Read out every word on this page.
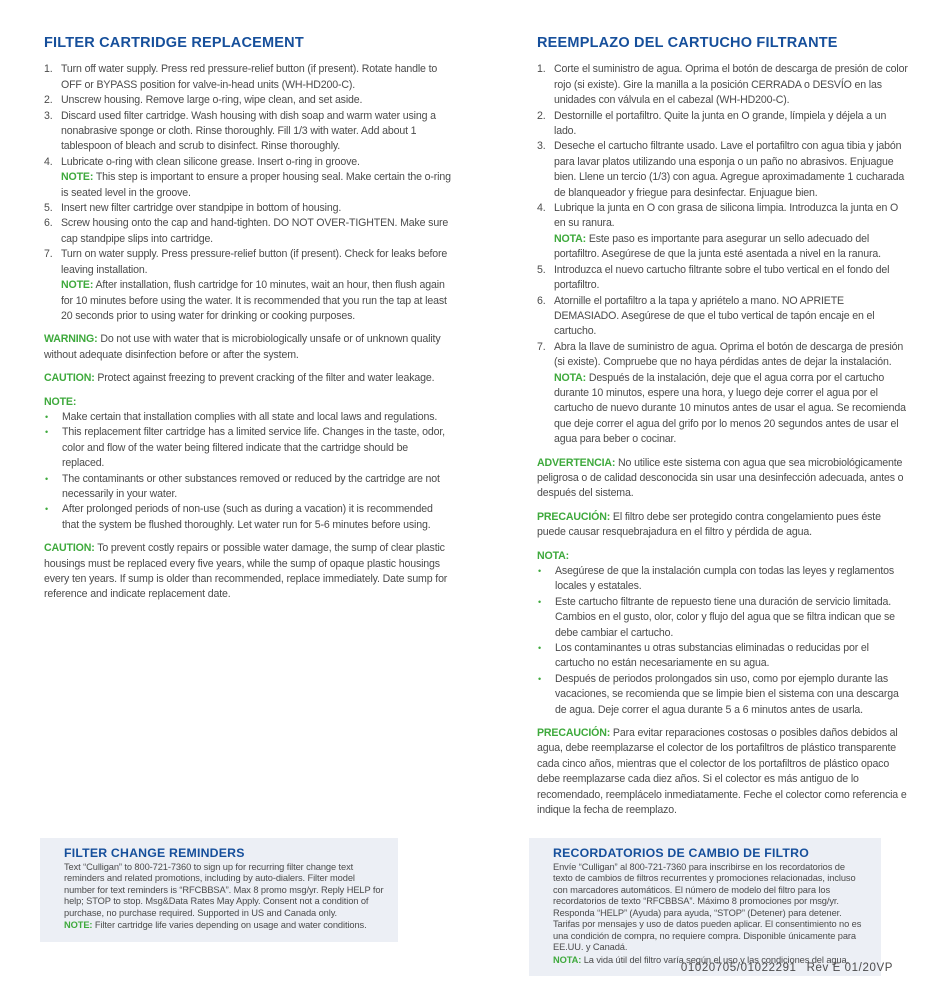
FILTER CARTRIDGE REPLACEMENT
1. Turn off water supply. Press red pressure-relief button (if present). Rotate handle to OFF or BYPASS position for valve-in-head units (WH-HD200-C).
2. Unscrew housing. Remove large o-ring, wipe clean, and set aside.
3. Discard used filter cartridge. Wash housing with dish soap and warm water using a nonabrasive sponge or cloth. Rinse thoroughly. Fill 1/3 with water. Add about 1 tablespoon of bleach and scrub to disinfect. Rinse thoroughly.
4. Lubricate o-ring with clean silicone grease. Insert o-ring in groove.
NOTE: This step is important to ensure a proper housing seal. Make certain the o-ring is seated level in the groove.
5. Insert new filter cartridge over standpipe in bottom of housing.
6. Screw housing onto the cap and hand-tighten. DO NOT OVER-TIGHTEN. Make sure cap standpipe slips into cartridge.
7. Turn on water supply. Press pressure-relief button (if present). Check for leaks before leaving installation.
NOTE: After installation, flush cartridge for 10 minutes, wait an hour, then flush again for 10 minutes before using the water. It is recommended that you run the tap at least 20 seconds prior to using water for drinking or cooking purposes.

WARNING: Do not use with water that is microbiologically unsafe or of unknown quality without adequate disinfection before or after the system.

CAUTION: Protect against freezing to prevent cracking of the filter and water leakage.

NOTE:
•	Make certain that installation complies with all state and local laws and regulations.
•	This replacement filter cartridge has a limited service life. Changes in the taste, odor, color and flow of the water being filtered indicate that the cartridge should be replaced.
•	The contaminants or other substances removed or reduced by the cartridge are not necessarily in your water.
•	After prolonged periods of non-use (such as during a vacation) it is recommended that the system be flushed thoroughly. Let water run for 5-6 minutes before using.

CAUTION: To prevent costly repairs or possible water damage, the sump of clear plastic housings must be replaced every five years, while the sump of opaque plastic housings every ten years. If sump is older than recommended, replace immediately. Date sump for reference and indicate replacement date.

REEMPLAZO DEL CARTUCHO FILTRANTE
1. Corte el suministro de agua. Oprima el botón de descarga de presión de color rojo (si existe). Gire la manilla a la posición CERRADA o DESVÍO en las unidades con válvula en el cabezal (WH-HD200-C).
2. Destornille el portafiltro. Quite la junta en O grande, límpiela y déjela a un lado.
3. Deseche el cartucho filtrante usado. Lave el portafiltro con agua tibia y jabón para lavar platos utilizando una esponja o un paño no abrasivos. Enjuague bien. Llene un tercio (1/3) con agua. Agregue aproximadamente 1 cucharada de blanqueador y friegue para desinfectar. Enjuague bien.
4. Lubrique la junta en O con grasa de silicona limpia. Introduzca la junta en O en su ranura.
NOTA: Este paso es importante para asegurar un sello adecuado del portafiltro. Asegúrese de que la junta esté asentada a nivel en la ranura.
5. Introduzca el nuevo cartucho filtrante sobre el tubo vertical en el fondo del portafiltro.
6. Atornille el portafiltro a la tapa y apriételo a mano. NO APRIETE DEMASIADO. Asegúrese de que el tubo vertical de tapón encaje en el cartucho.
7. Abra la llave de suministro de agua. Oprima el botón de descarga de presión (si existe). Compruebe que no haya pérdidas antes de dejar la instalación.
NOTA: Después de la instalación, deje que el agua corra por el cartucho durante 10 minutos, espere una hora, y luego deje correr el agua por el cartucho de nuevo durante 10 minutos antes de usar el agua. Se recomienda que deje correr el agua del grifo por lo menos 20 segundos antes de usar el agua para beber o cocinar.

ADVERTENCIA: No utilice este sistema con agua que sea microbiológicamente peligrosa o de calidad desconocida sin usar una desinfección adecuada, antes o después del sistema.

PRECAUCIÓN: El filtro debe ser protegido contra congelamiento pues éste puede causar resquebrajadura en el filtro y pérdida de agua.

NOTA:
•	Asegúrese de que la instalación cumpla con todas las leyes y reglamentos locales y estatales.
•	Este cartucho filtrante de repuesto tiene una duración de servicio limitada. Cambios en el gusto, olor, color y flujo del agua que se filtra indican que se debe cambiar el cartucho.
•	Los contaminantes u otras substancias eliminadas o reducidas por el cartucho no están necesariamente en su agua.
•	Después de periodos prolongados sin uso, como por ejemplo durante las vacaciones, se recomienda que se limpie bien el sistema con una descarga de agua. Deje correr el agua durante 5 a 6 minutos antes de usarla.

PRECAUCIÓN: Para evitar reparaciones costosas o posibles daños debidos al agua, debe reemplazarse el colector de los portafiltros de plástico transparente cada cinco años, mientras que el colector de los portafiltros de plástico opaco debe reemplazarse cada diez años. Si el colector es más antiguo de lo recomendado, reemplácelo inmediatamente. Feche el colector como referencia e indique la fecha de reemplazo.

FILTER CHANGE REMINDERS

Text “Culligan” to 800-721-7360 to sign up for recurring filter change text reminders and related promotions, including by auto-dialers. Filter model number for text reminders is “RFCBBSA”. Max 8 promo msg/yr. Reply HELP for help; STOP to stop. Msg&Data Rates May Apply. Consent not a condition of purchase, no purchase required. Supported in US and Canada only.

NOTE: Filter cartridge life varies depending on usage and water conditions.

RECORDATORIOS DE CAMBIO DE FILTRO

Envíe “Culligan” al 800-721-7360 para inscribirse en los recordatorios de texto de cambios de filtros recurrentes y promociones relacionadas, incluso con marcadores automáticos. El número de modelo del filtro para los recordatorios de texto “RFCBBSA”. Máximo 8 promociones por msg/yr. Responda “HELP” (Ayuda) para ayuda, “STOP” (Detener) para detener. Tarifas por mensajes y uso de datos pueden aplicar. El consentimiento no es una condición de compra, no requiere compra. Disponible únicamente para EE.UU. y Canadá.

NOTA: La vida útil del filtro varía según el uso y las condiciones del agua.

01020705/01022291 Rev E 01/20VP
